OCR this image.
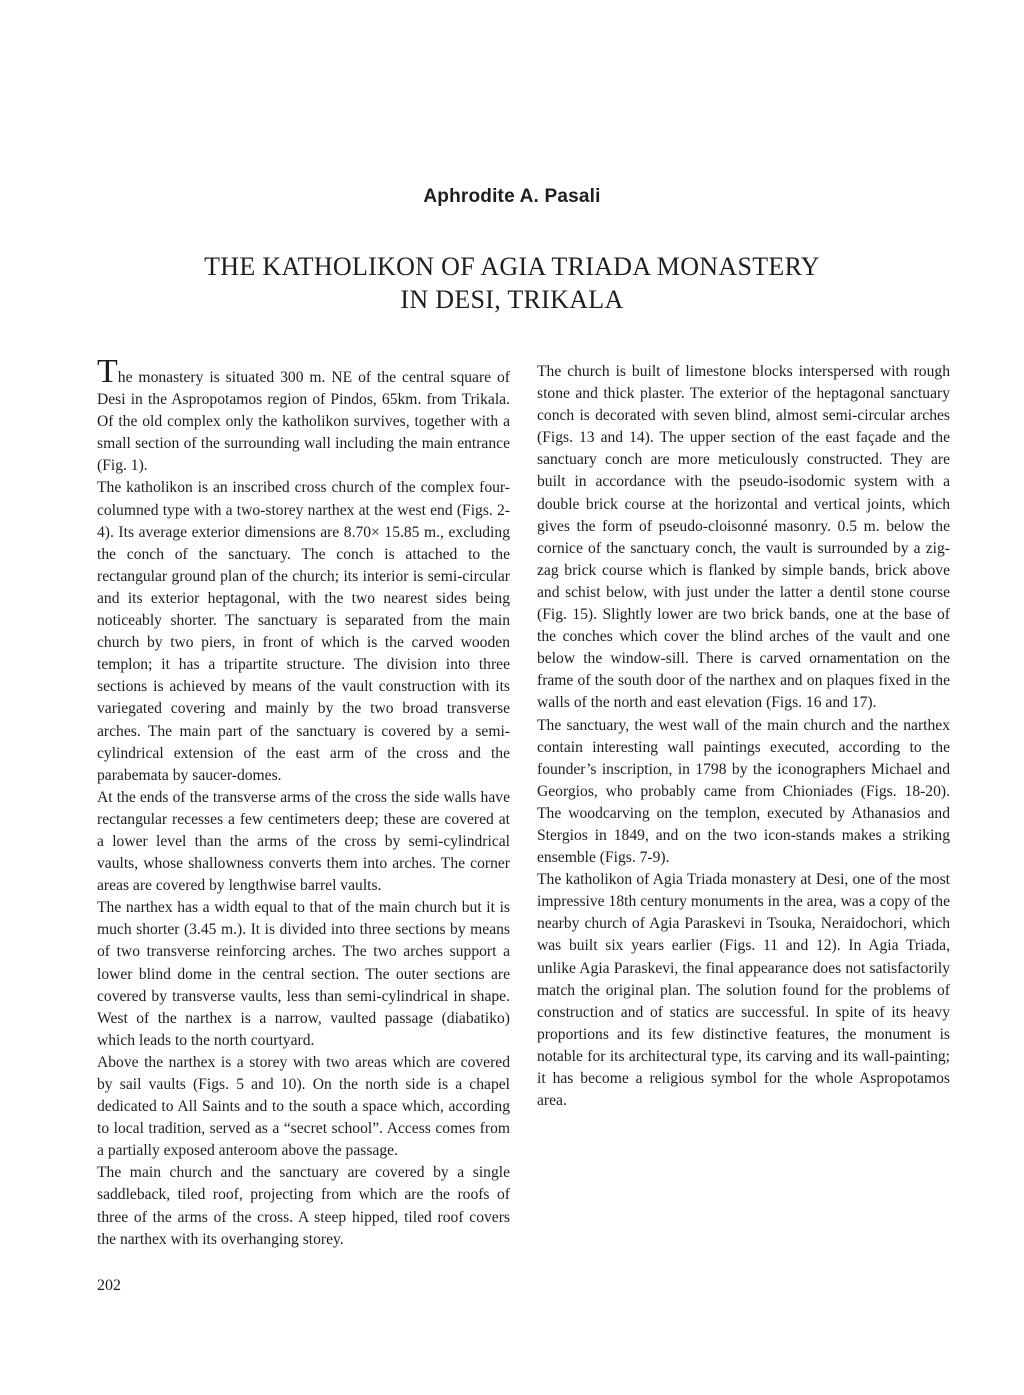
Aphrodite A. Pasali
THE KATHOLIKON OF AGIA TRIADA MONASTERY
IN DESI, TRIKALA

The monastery is situated 300 m. NE of the central square of Desi in the Aspropotamos region of Pindos, 65km. from Trikala. Of the old complex only the katholikon survives, together with a small section of the surrounding wall including the main entrance (Fig. 1).

The katholikon is an inscribed cross church of the complex four-columned type with a two-storey narthex at the west end (Figs. 2-4). Its average exterior dimensions are 8.70× 15.85 m., excluding the conch of the sanctuary. The conch is attached to the rectangular ground plan of the church; its interior is semi-circular and its exterior heptagonal, with the two nearest sides being noticeably shorter. The sanctuary is separated from the main church by two piers, in front of which is the carved wooden templon; it has a tripartite structure. The division into three sections is achieved by means of the vault construction with its variegated covering and mainly by the two broad transverse arches. The main part of the sanctuary is covered by a semi-cylindrical extension of the east arm of the cross and the parabemata by saucer-domes.

At the ends of the transverse arms of the cross the side walls have rectangular recesses a few centimeters deep; these are covered at a lower level than the arms of the cross by semi-cylindrical vaults, whose shallowness converts them into arches. The corner areas are covered by lengthwise barrel vaults.

The narthex has a width equal to that of the main church but it is much shorter (3.45 m.). It is divided into three sections by means of two transverse reinforcing arches. The two arches support a lower blind dome in the central section. The outer sections are covered by transverse vaults, less than semi-cylindrical in shape. West of the narthex is a narrow, vaulted passage (diabatiko) which leads to the north courtyard.

Above the narthex is a storey with two areas which are covered by sail vaults (Figs. 5 and 10). On the north side is a chapel dedicated to All Saints and to the south a space which, according to local tradition, served as a “secret school”. Access comes from a partially exposed anteroom above the passage.

The main church and the sanctuary are covered by a single saddleback, tiled roof, projecting from which are the roofs of three of the arms of the cross. A steep hipped, tiled roof covers the narthex with its overhanging storey.

The church is built of limestone blocks interspersed with rough stone and thick plaster. The exterior of the heptagonal sanctuary conch is decorated with seven blind, almost semi-circular arches (Figs. 13 and 14). The upper section of the east façade and the sanctuary conch are more meticulously constructed. They are built in accordance with the pseudo-isodomic system with a double brick course at the horizontal and vertical joints, which gives the form of pseudo-cloisonné masonry. 0.5 m. below the cornice of the sanctuary conch, the vault is surrounded by a zig-zag brick course which is flanked by simple bands, brick above and schist below, with just under the latter a dentil stone course (Fig. 15). Slightly lower are two brick bands, one at the base of the conches which cover the blind arches of the vault and one below the window-sill. There is carved ornamentation on the frame of the south door of the narthex and on plaques fixed in the walls of the north and east elevation (Figs. 16 and 17).

The sanctuary, the west wall of the main church and the narthex contain interesting wall paintings executed, according to the founder’s inscription, in 1798 by the iconographers Michael and Georgios, who probably came from Chioniades (Figs. 18-20). The woodcarving on the templon, executed by Athanasios and Stergios in 1849, and on the two icon-stands makes a striking ensemble (Figs. 7-9).

The katholikon of Agia Triada monastery at Desi, one of the most impressive 18th century monuments in the area, was a copy of the nearby church of Agia Paraskevi in Tsouka, Neraidochori, which was built six years earlier (Figs. 11 and 12). In Agia Triada, unlike Agia Paraskevi, the final appearance does not satisfactorily match the original plan. The solution found for the problems of construction and of statics are successful. In spite of its heavy proportions and its few distinctive features, the monument is notable for its architectural type, its carving and its wall-painting; it has become a religious symbol for the whole Aspropotamos area.

202
